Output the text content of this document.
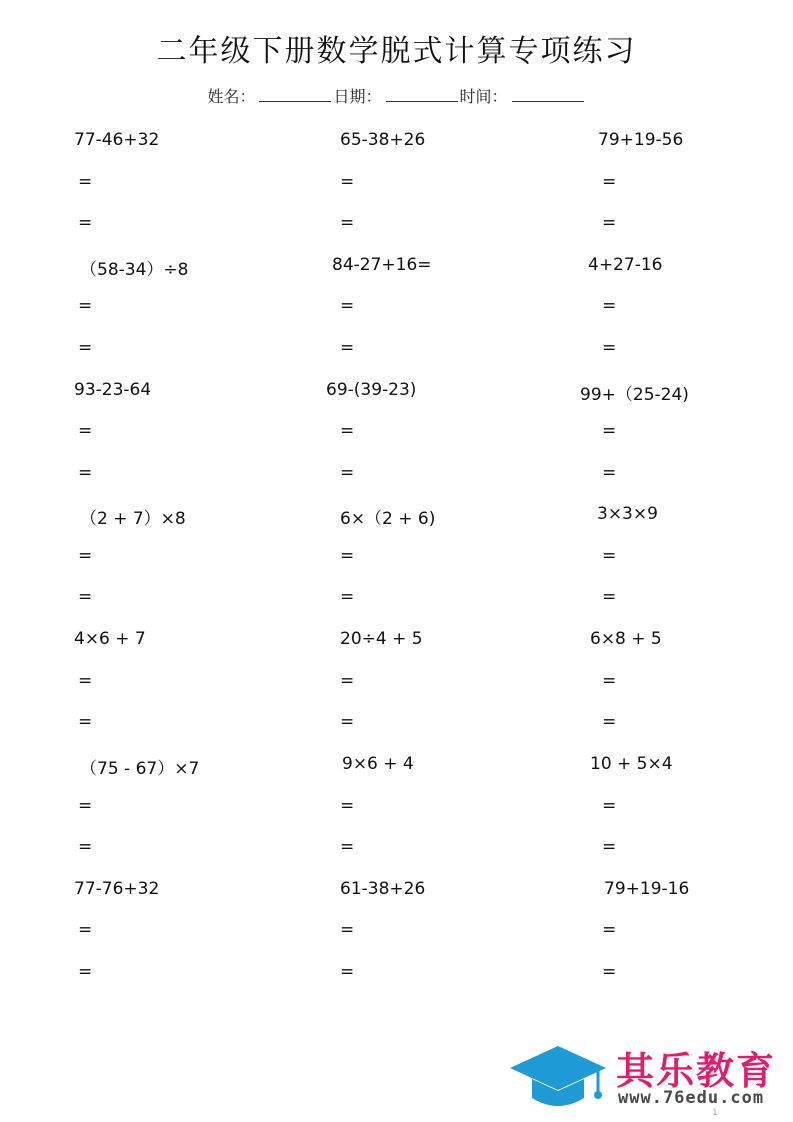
二年级下册数学脱式计算专项练习
姓名：	日期：	时间：
77-46+32
=
=
65-38+26
=
=
79+19-56
=
=
（58-34）÷8
=
=
84-27+16=
=
=
4+27-16
=
=
93-23-64
=
=
69-(39-23)
=
=
99+（25-24)
=
=
（2 + 7）×8
=
=
6×（2 + 6)
=
=
3×3×9
=
=
4×6 + 7
=
=
20÷4 + 5
=
=
6×8 + 5
=
=
（75 - 67）×7
=
=
9×6 + 4
=
=
10 + 5×4
=
=
77-76+32
=
=
61-38+26
=
=
79+19-16
=
=
其乐教育
www.76edu.com
1
